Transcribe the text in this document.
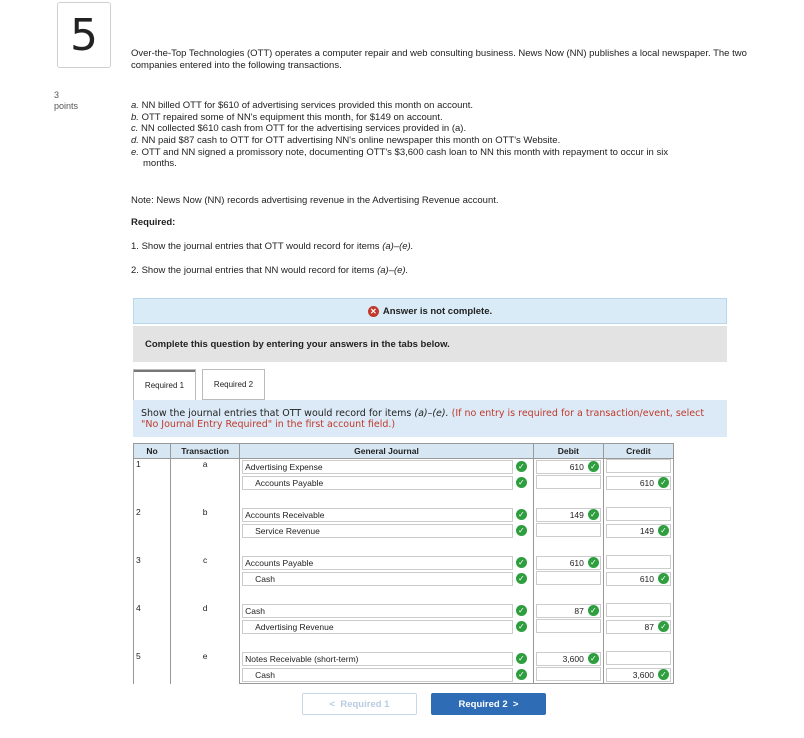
5
3
points
Over-the-Top Technologies (OTT) operates a computer repair and web consulting business. News Now (NN) publishes a local newspaper. The two companies entered into the following transactions.
a. NN billed OTT for $610 of advertising services provided this month on account.
b. OTT repaired some of NN's equipment this month, for $149 on account.
c. NN collected $610 cash from OTT for the advertising services provided in (a).
d. NN paid $87 cash to OTT for OTT advertising NN's online newspaper this month on OTT's Website.
e. OTT and NN signed a promissory note, documenting OTT's $3,600 cash loan to NN this month with repayment to occur in six
months.
Note: News Now (NN) records advertising revenue in the Advertising Revenue account.
Required:
1. Show the journal entries that OTT would record for items (a)–(e).
2. Show the journal entries that NN would record for items (a)–(e).
✕ Answer is not complete.
Complete this question by entering your answers in the tabs below.
Required 1	Required 2
Show the journal entries that OTT would record for items (a)–(e). (If no entry is required for a transaction/event, select "No Journal Entry Required" in the first account field.)
No	Transaction	General Journal	Debit	Credit
1	a	Advertising Expense ✓	610 ✓	

		Accounts Payable ✓		610 ✓

2	b	Accounts Receivable ✓	149 ✓	

		Service Revenue ✓		149 ✓

3	c	Accounts Payable ✓	610 ✓	

		Cash ✓		610 ✓

4	d	Cash ✓	87 ✓	

		Advertising Revenue ✓		87 ✓

5	e	Notes Receivable (short-term) ✓	3,600 ✓	

		Cash ✓		3,600 ✓
< Required 1	Required 2 >
